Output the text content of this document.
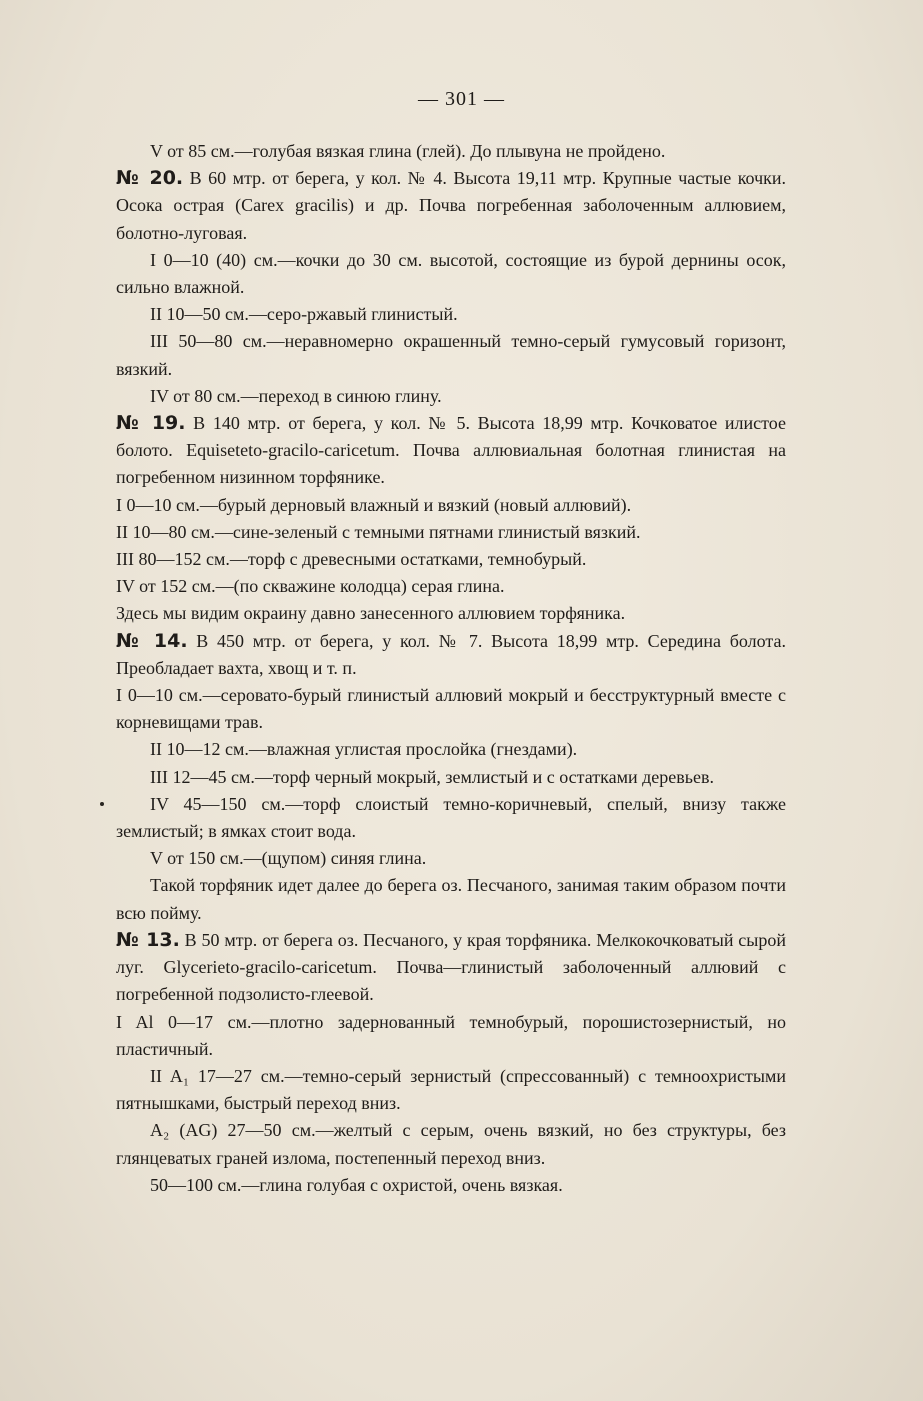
— 301 —

V от 85 см.—голубая вязкая глина (глей). До плывуна не пройдено.

№ 20. В 60 мтр. от берега, у кол. № 4. Высота 19,11 мтр. Крупные частые кочки. Осока острая (Carex gracilis) и др. Почва погребенная заболоченным аллювием, болотно-луговая.

I 0—10 (40) см.—кочки до 30 см. высотой, состоящие из бурой дернины осок, сильно влажной.

II 10—50 см.—серо-ржавый глинистый.

III 50—80 см.—неравномерно окрашенный темно-серый гумусовый горизонт, вязкий.

IV от 80 см.—переход в синюю глину.

№ 19. В 140 мтр. от берега, у кол. № 5. Высота 18,99 мтр. Кочковатое илистое болото. Equiseteto-gracilo-caricetum. Почва аллювиальная болотная глинистая на погребенном низинном торфянике.

I 0—10 см.—бурый дерновый влажный и вязкий (новый аллювий).

II 10—80 см.—сине-зеленый с темными пятнами глинистый вязкий.

III 80—152 см.—торф с древесными остатками, темнобурый.

IV от 152 см.—(по скважине колодца) серая глина.

Здесь мы видим окраину давно занесенного аллювием торфяника.

№ 14. В 450 мтр. от берега, у кол. № 7. Высота 18,99 мтр. Середина болота. Преобладает вахта, хвощ и т. п.

I 0—10 см.—серовато-бурый глинистый аллювий мокрый и бесструктурный вместе с корневищами трав.

II 10—12 см.—влажная углистая прослойка (гнездами).

III 12—45 см.—торф черный мокрый, землистый и с остатками деревьев.

IV 45—150 см.—торф слоистый темно-коричневый, спелый, внизу также землистый; в ямках стоит вода.

V от 150 см.—(щупом) синяя глина.

Такой торфяник идет далее до берега оз. Песчаного, занимая таким образом почти всю пойму.

№ 13. В 50 мтр. от берега оз. Песчаного, у края торфяника. Мелкокочковатый сырой луг. Glycerieto-gracilo-caricetum. Почва—глинистый заболоченный аллювий с погребенной подзолисто-глеевой.

I Al 0—17 см.—плотно задернованный темнобурый, порошистозернистый, но пластичный.

II A₁ 17—27 см.—темно-серый зернистый (спрессованный) с темноохристыми пятнышками, быстрый переход вниз.

A₂ (AG) 27—50 см.—желтый с серым, очень вязкий, но без структуры, без глянцеватых граней излома, постепенный переход вниз.

50—100 см.—глина голубая с охристой, очень вязкая.
